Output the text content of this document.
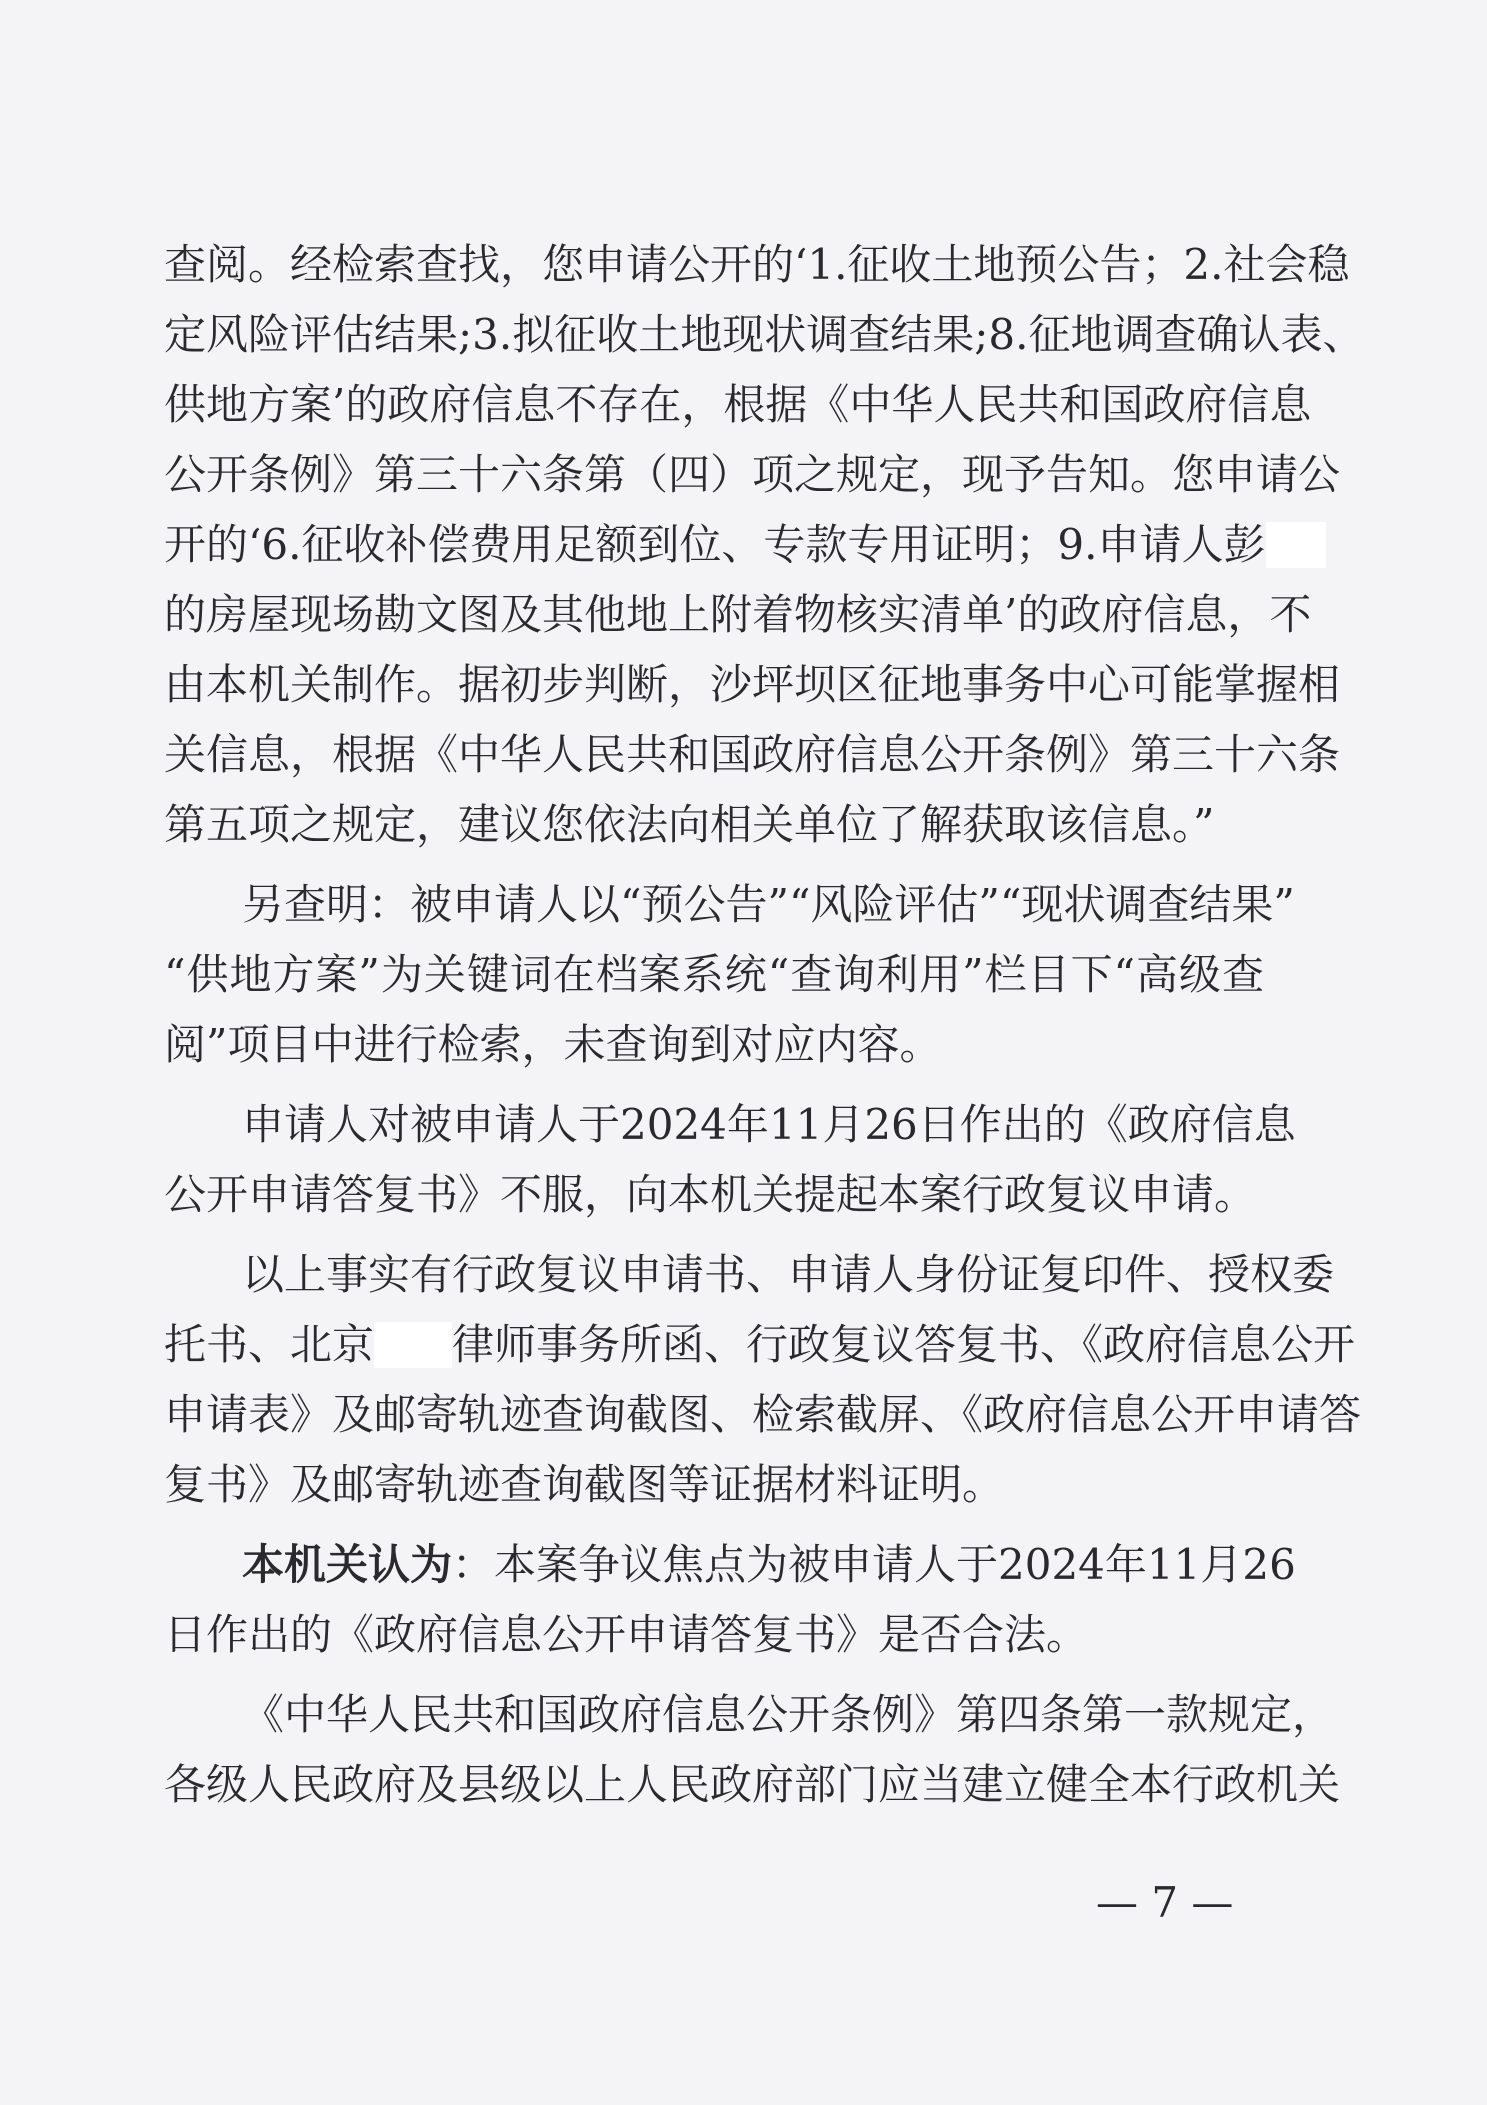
查阅。经检索查找，您申请公开的‘1.征收土地预公告；2.社会稳
定风险评估结果;3.拟征收土地现状调查结果;8.征地调查确认表、
供地方案’的政府信息不存在，根据《中华人民共和国政府信息
公开条例》第三十六条第（四）项之规定，现予告知。您申请公
开的‘6.征收补偿费用足额到位、专款专用证明；9.申请人彭
的房屋现场勘文图及其他地上附着物核实清单’的政府信息，不
由本机关制作。据初步判断，沙坪坝区征地事务中心可能掌握相
关信息，根据《中华人民共和国政府信息公开条例》第三十六条
第五项之规定，建议您依法向相关单位了解获取该信息。”
另查明：被申请人以“预公告”“风险评估”“现状调查结果”
“供地方案”为关键词在档案系统“查询利用”栏目下“高级查
阅”项目中进行检索，未查询到对应内容。
申请人对被申请人于2024年11月26日作出的《政府信息
公开申请答复书》不服，向本机关提起本案行政复议申请。
以上事实有行政复议申请书、申请人身份证复印件、授权委
托书、北京 律师事务所函、行政复议答复书、《政府信息公开
申请表》及邮寄轨迹查询截图、检索截屏、《政府信息公开申请答
复书》及邮寄轨迹查询截图等证据材料证明。
本机关认为：本案争议焦点为被申请人于2024年11月26
日作出的《政府信息公开申请答复书》是否合法。
《中华人民共和国政府信息公开条例》第四条第一款规定，
各级人民政府及县级以上人民政府部门应当建立健全本行政机关
— 7 —
